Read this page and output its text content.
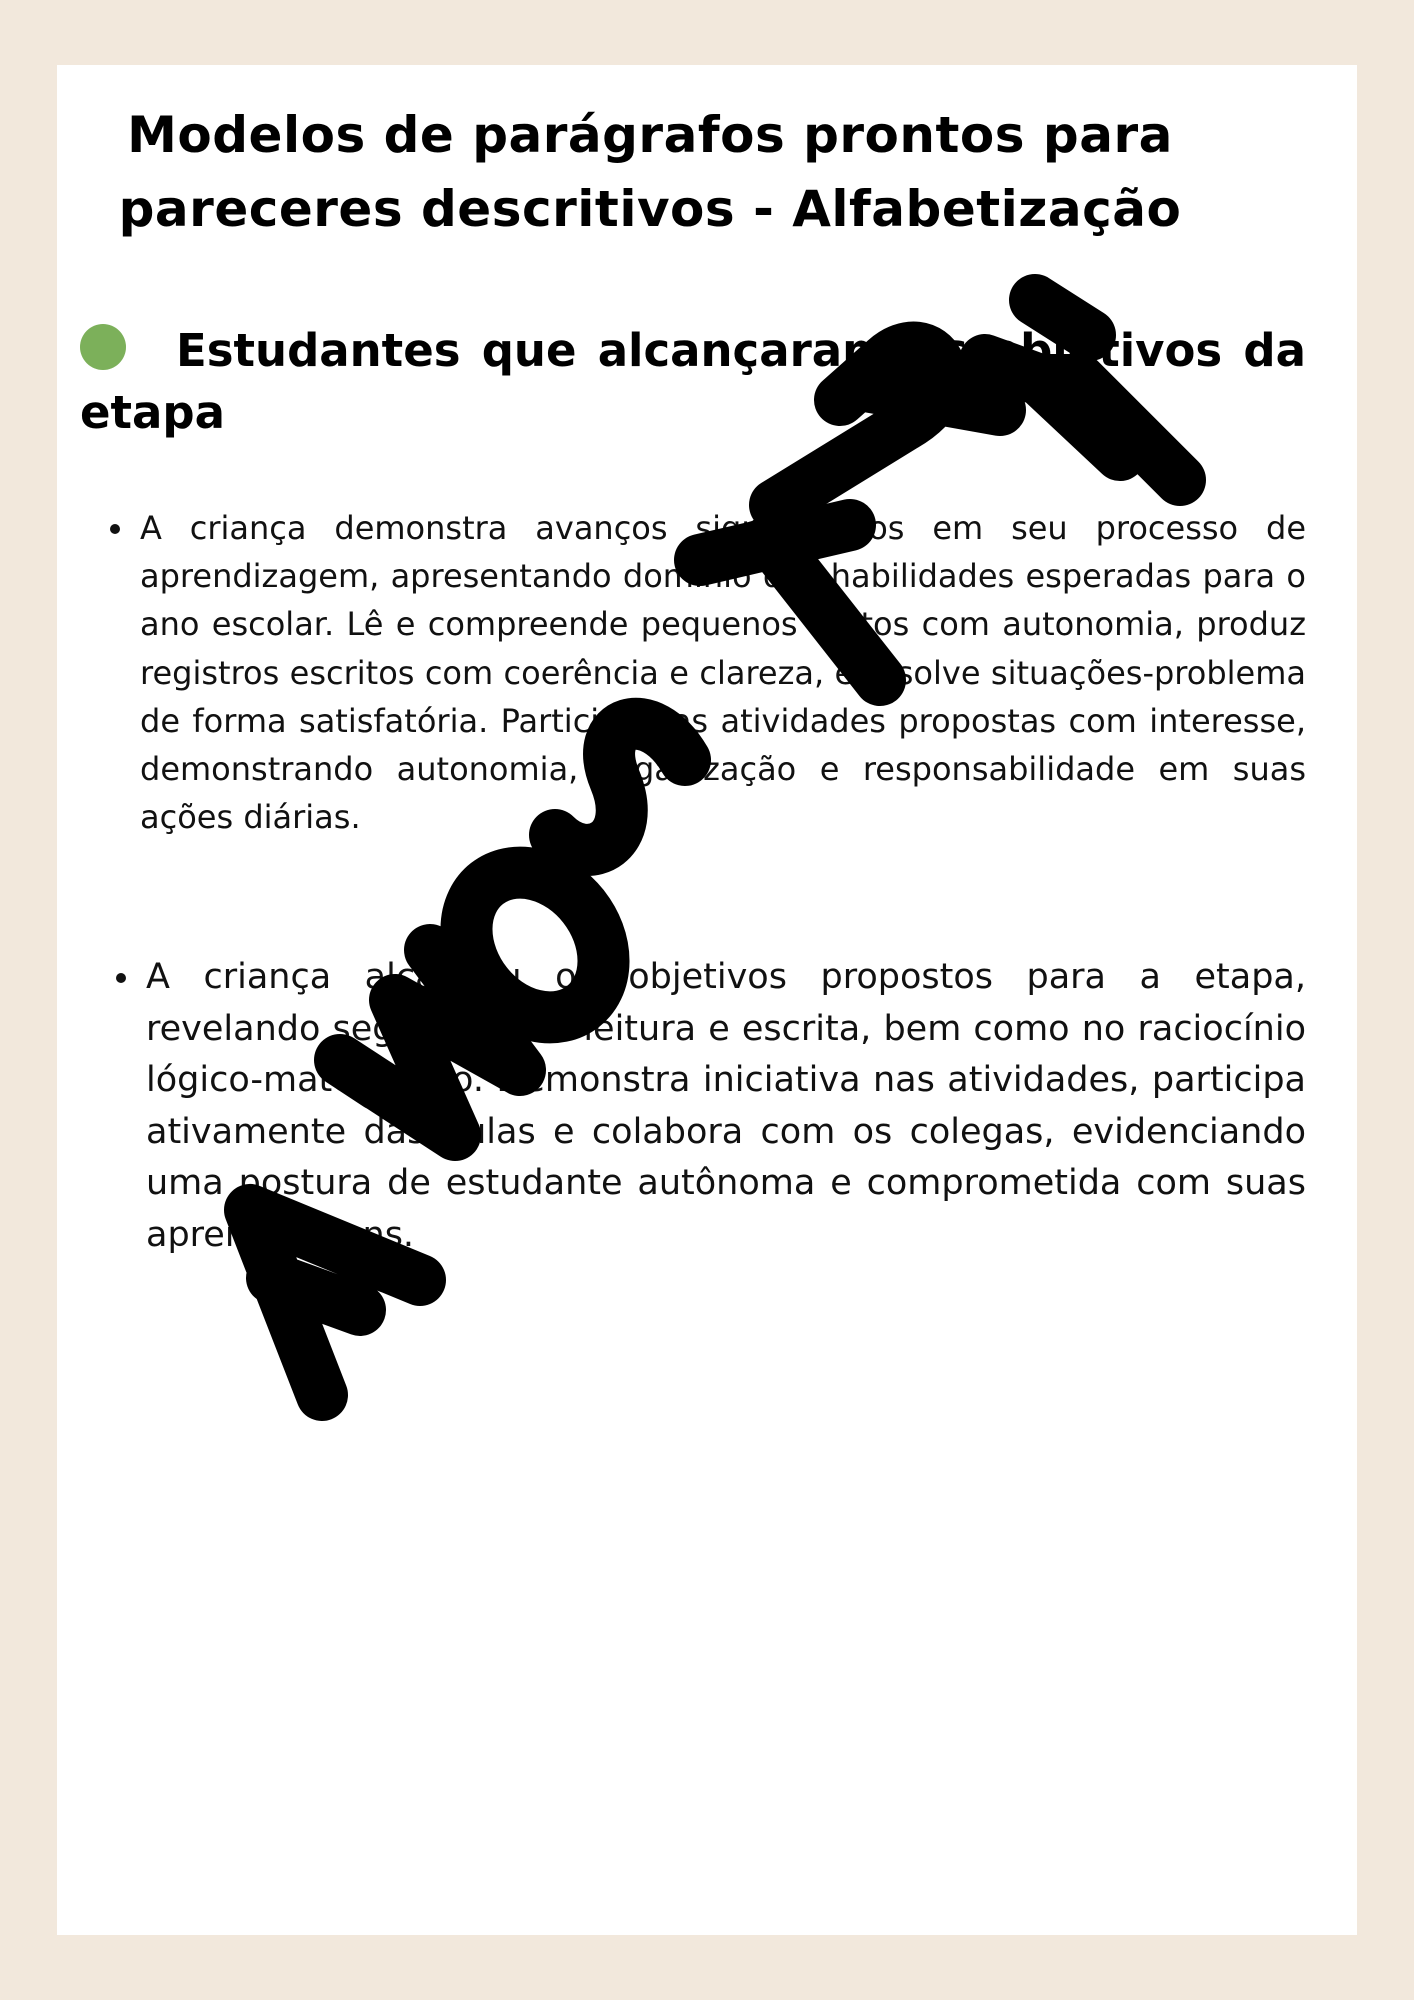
Modelos de parágrafos prontos para
pareceres descritivos - Alfabetização
Estudantes que alcançaram os objetivos da etapa
A criança demonstra avanços significativos em seu processo de aprendizagem, apresentando domínio das habilidades esperadas para o ano escolar. Lê e compreende pequenos textos com autonomia, produz registros escritos com coerência e clareza, e resolve situações-problema de forma satisfatória. Participa das atividades propostas com interesse, demonstrando autonomia, organização e responsabilidade em suas ações diárias.
A criança alcançou os objetivos propostos para a etapa, revelando segurança na leitura e escrita, bem como no raciocínio lógico-matemático. Demonstra iniciativa nas atividades, participa ativamente das aulas e colabora com os colegas, evidenciando uma postura de estudante autônoma e comprometida com suas aprendizagens.
